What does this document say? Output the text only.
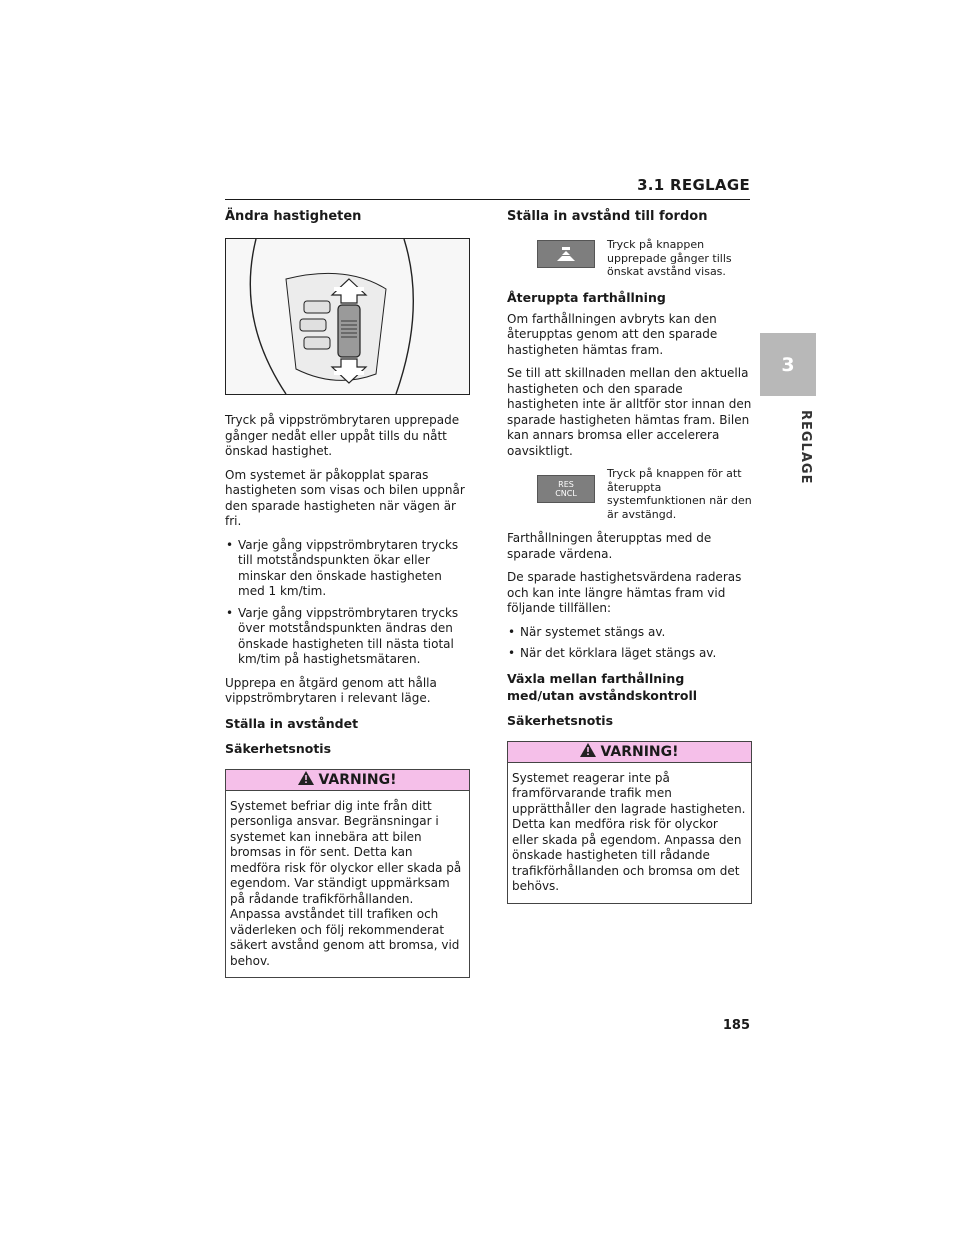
3.1 REGLAGE
3
REGLAGE
Ändra hastigheten

Tryck på vippströmbrytaren upprepade gånger nedåt eller uppåt tills du nått önskad hastighet.

Om systemet är påkopplat sparas hastigheten som visas och bilen uppnår den sparade hastigheten när vägen är fri.

• Varje gång vippströmbrytaren trycks till motståndspunkten ökar eller minskar den önskade hastigheten med 1 km/tim.
• Varje gång vippströmbrytaren trycks över motståndspunkten ändras den önskade hastigheten till nästa tiotal km/tim på hastighetsmätaren.

Upprepa en åtgärd genom att hålla vippströmbrytaren i relevant läge.

Ställa in avståndet
Säkerhetsnotis
VARNING!
Systemet befriar dig inte från ditt personliga ansvar. Begränsningar i systemet kan innebära att bilen bromsas in för sent. Detta kan medföra risk för olyckor eller skada på egendom. Var ständigt uppmärksam på rådande trafikförhållanden. Anpassa avståndet till trafiken och väderleken och följ rekommenderat säkert avstånd genom att bromsa, vid behov.
Ställa in avstånd till fordon
Tryck på knappen upprepade gånger tills önskat avstånd visas.
Återuppta farthållning

Om farthållningen avbryts kan den återupptas genom att den sparade hastigheten hämtas fram.

Se till att skillnaden mellan den aktuella hastigheten och den sparade hastigheten inte är alltför stor innan den sparade hastigheten hämtas fram. Bilen kan annars bromsa eller accelerera oavsiktligt.

RES
CNCL
Tryck på knappen för att återuppta systemfunktionen när den är avstängd.

Farthållningen återupptas med de sparade värdena.

De sparade hastighetsvärdena raderas och kan inte längre hämtas fram vid följande tillfällen:

• När systemet stängs av.
• När det körklara läget stängs av.
Växla mellan farthållning med/utan avståndskontroll
Säkerhetsnotis
VARNING!
Systemet reagerar inte på framförvarande trafik men upprätthåller den lagrade hastigheten. Detta kan medföra risk för olyckor eller skada på egendom. Anpassa den önskade hastigheten till rådande trafikförhållanden och bromsa om det behövs.
185
